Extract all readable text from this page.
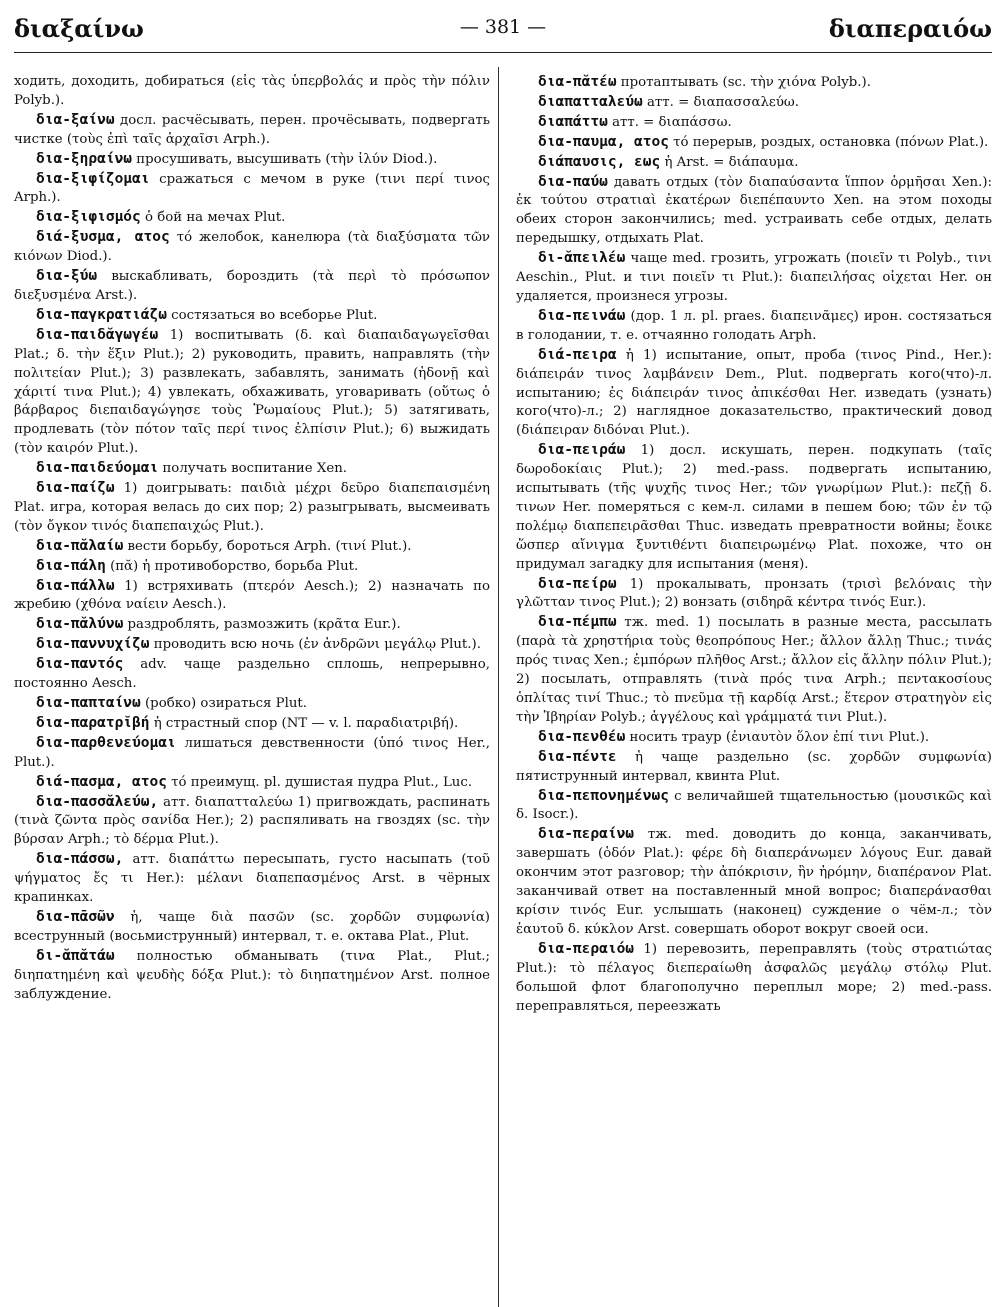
διαξαίνω	— 381 —	διαπεραιόω

ходить, доходить, добираться (εἰς τὰς ὑπερβολάς и πρὸς τὴν πόλιν Polyb.).

δια-ξαίνω досл. расчёсывать, перен. прочёсывать, подвергать чистке (τοὺς ἐπὶ ταῖς ἀρχαῖσι Arph.).

δια-ξηραίνω просушивать, высушивать (τὴν ἰλύν Diod.).

δια-ξιφίζομαι сражаться с мечом в руке (τινι περί τινος Arph.).

δια-ξιφισμός ὁ бой на мечах Plut.

διά-ξυσμα, ατος τό желобок, канелюра (τὰ διαξύσματα τῶν κιόνων Diod.).

δια-ξύω выскабливать, бороздить (τὰ περὶ τὸ πρόσωπον διεξυσμένα Arst.).

δια-παγκρατιάζω состязаться во всеборье Plut.

δια-παιδᾰγωγέω 1) воспитывать (δ. καὶ διαπαιδαγωγεῖσθαι Plat.; δ. τὴν ἕξιν Plut.); 2) руководить, править, направлять (τὴν πολιτείαν Plut.); 3) развлекать, забавлять, занимать (ἡδονῇ καὶ χάριτί τινα Plut.); 4) увлекать, обхаживать, уговаривать (οὕτως ὁ βάρβαρος διεπαιδαγώγησε τοὺς Ῥωμαίους Plut.); 5) затягивать, продлевать (τὸν πότον ταῖς περί τινος ἐλπίσιν Plut.); 6) выжидать (τὸν καιρόν Plut.).

δια-παιδεύομαι получать воспитание Xen.

δια-παίζω 1) доигрывать: παιδιὰ μέχρι δεῦρο διαπεπαισμένη Plat. игра, которая велась до сих пор; 2) разыгрывать, высмеивать (τὸν ὄγκον τινός διαπεπαιχώς Plut.).

δια-πᾰλαίω вести борьбу, бороться Arph. (τινί Plut.).

δια-πάλη (πᾰ) ἡ противоборство, борьба Plut.

δια-πάλλω 1) встряхивать (πτερόν Aesch.); 2) назначать по жребию (χθόνα ναίειν Aesch.).

δια-πᾰλύνω раздроблять, размозжить (κρᾶτα Eur.).

δια-παννυχίζω проводить всю ночь (ἐν ἀνδρῶνι μεγάλῳ Plut.).

δια-παντός adv. чаще раздельно сплошь, непрерывно, постоянно Aesch.

δια-παπταίνω (робко) озираться Plut.

δια-παρατρῐβή ἡ страстный спор (NT — v. l. παραδιατριβή).

δια-παρθενεύομαι лишаться девственности (ὑπό τινος Her., Plut.).

διά-πασμα, ατος τό преимущ. pl. душистая пудра Plut., Luc.

δια-πασσᾰλεύω, атт. διαπατταλεύω 1) пригвождать, распинать (τινὰ ζῶντα πρὸς σανίδα Her.); 2) распяливать на гвоздях (sc. τὴν βύρσαν Arph.; τὸ δέρμα Plut.).

δια-πάσσω, атт. διαπάττω пересыпать, густо насыпать (τοῦ ψήγματος ἔς τι Her.): μέλανι διαπεπασμένος Arst. в чёрных крапинках.

δια-πᾱσῶν ἡ, чаще διὰ πασῶν (sc. χορδῶν συμφωνία) всеструнный (восьмиструнный) интервал, т. е. октава Plat., Plut.

δι-ᾰπᾰτάω полностью обманывать (τινα Plat., Plut.; διηπατημένη καὶ ψευδὴς δόξα Plut.): τὸ διηπατημένον Arst. полное заблуждение.

δια-πᾰτέω протаптывать (sc. τὴν χιόνα Polyb.).

διαπατταλεύω атт. = διαπασσαλεύω.

διαπάττω атт. = διαπάσσω.

δια-παυμα, ατος τό перерыв, роздых, остановка (πόνων Plat.).

διάπαυσις, εως ἡ Arst. = διάπαυμα.

δια-παύω давать отдых (τὸν διαπαύσαντα ἵππον ὁρμῆσαι Xen.): ἐκ τούτου στρατιαὶ ἑκατέρων διεπέπαυντο Xen. на этом походы обеих сторон закончились; med. устраивать себе отдых, делать передышку, отдыхать Plat.

δι-ᾰπειλέω чаще med. грозить, угрожать (ποιεῖν τι Polyb., τινι Aeschin., Plut. и τινι ποιεῖν τι Plut.): διαπειλήσας οἰχεται Her. он удаляется, произнеся угрозы.

δια-πεινάω (дор. 1 л. pl. praes. διαπεινᾶμες) ирон. состязаться в голодании, т. е. отчаянно голодать Arph.

διά-πειρα ἡ 1) испытание, опыт, проба (τινος Pind., Her.): διάπειράν τινος λαμβάνειν Dem., Plut. подвергать кого(что)-л. испытанию; ἐς διάπειράν τινος ἀπικέσθαι Her. изведать (узнать) кого(что)-л.; 2) наглядное доказательство, практический довод (διάπειραν διδόναι Plut.).

δια-πειράω 1) досл. искушать, перен. подкупать (ταῖς δωροδοκίαις Plut.); 2) med.-pass. подвергать испытанию, испытывать (τῆς ψυχῆς τινος Her.; τῶν γνωρίμων Plut.): πεζῇ δ. τινων Her. померяться с кем-л. силами в пешем бою; τῶν ἐν τῷ πολέμῳ διαπεπειρᾶσθαι Thuc. изведать превратности войны; ἔοικε ὥσπερ αἴνιγμα ξυντιθέντι διαπειρωμένῳ Plat. похоже, что он придумал загадку для испытания (меня).

δια-πείρω 1) прокалывать, пронзать (τρισὶ βελόναις τὴν γλῶτταν τινος Plut.); 2) вонзать (σιδηρᾶ κέντρα τινός Eur.).

δια-πέμπω тж. med. 1) посылать в разные места, рассылать (παρὰ τὰ χρηστήρια τοὺς θεοπρόπους Her.; ἄλλον ἄλλῃ Thuc.; τινάς πρός τινας Xen.; ἐμπόρων πλῆθος Arst.; ἄλλον εἰς ἄλλην πόλιν Plut.); 2) посылать, отправлять (τινὰ πρός τινα Arph.; πεντακοσίους ὁπλίτας τινί Thuc.; τὸ πνεῦμα τῇ καρδίᾳ Arst.; ἕτερον στρατηγὸν εἰς τὴν Ἰβηρίαν Polyb.; ἀγγέλους καὶ γράμματά τινι Plut.).

δια-πενθέω носить траур (ἐνιαυτὸν ὅλον ἐπί τινι Plut.).

δια-πέντε ἡ чаще раздельно (sc. χορδῶν συμφωνία) пятиструнный интервал, квинта Plut.

δια-πεπονημένως с величайшей тщательностью (μουσικῶς καὶ δ. Isocr.).

δια-περαίνω тж. med. доводить до конца, заканчивать, завершать (ὁδόν Plat.): φέρε δὴ διαπεράνωμεν λόγους Eur. давай окончим этот разговор; τὴν ἀπόκρισιν, ἣν ἠρόμην, διαπέρανον Plat. заканчивай ответ на поставленный мной вопрос; διαπεράνασθαι κρίσιν τινός Eur. услышать (наконец) суждение о чём-л.; τὸν ἑαυτοῦ δ. κύκλον Arst. совершать оборот вокруг своей оси.

δια-περαιόω 1) перевозить, переправлять (τοὺς στρατιώτας Plut.): τὸ πέλαγος διεπεραίωθη ἀσφαλῶς μεγάλῳ στόλῳ Plut. большой флот благополучно переплыл море; 2) med.-pass. переправляться, переезжать
